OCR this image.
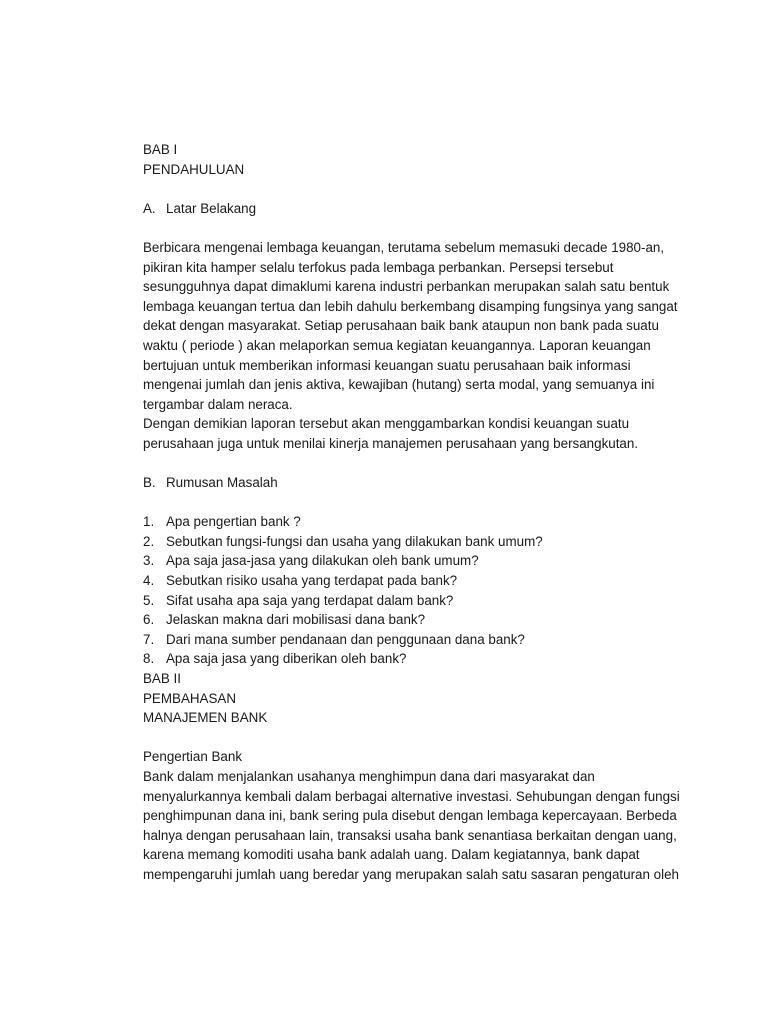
BAB I
PENDAHULUAN
A. Latar Belakang
Berbicara mengenai lembaga keuangan, terutama sebelum memasuki decade 1980-an,
pikiran kita hamper selalu terfokus pada lembaga perbankan. Persepsi tersebut
sesungguhnya dapat dimaklumi karena industri perbankan merupakan salah satu bentuk
lembaga keuangan tertua dan lebih dahulu berkembang disamping fungsinya yang sangat
dekat dengan masyarakat. Setiap perusahaan baik bank ataupun non bank pada suatu
waktu ( periode ) akan melaporkan semua kegiatan keuangannya. Laporan keuangan
bertujuan untuk memberikan informasi keuangan suatu perusahaan baik informasi
mengenai jumlah dan jenis aktiva, kewajiban (hutang) serta modal, yang semuanya ini
tergambar dalam neraca.
Dengan demikian laporan tersebut akan menggambarkan kondisi keuangan suatu
perusahaan juga untuk menilai kinerja manajemen perusahaan yang bersangkutan.
B. Rumusan Masalah
1. Apa pengertian bank ?
2. Sebutkan fungsi-fungsi dan usaha yang dilakukan bank umum?
3. Apa saja jasa-jasa yang dilakukan oleh bank umum?
4. Sebutkan risiko usaha yang terdapat pada bank?
5. Sifat usaha apa saja yang terdapat dalam bank?
6. Jelaskan makna dari mobilisasi dana bank?
7. Dari mana sumber pendanaan dan penggunaan dana bank?
8. Apa saja jasa yang diberikan oleh bank?
BAB II
PEMBAHASAN
MANAJEMEN BANK
Pengertian Bank
Bank dalam menjalankan usahanya menghimpun dana dari masyarakat dan
menyalurkannya kembali dalam berbagai alternative investasi. Sehubungan dengan fungsi
penghimpunan dana ini, bank sering pula disebut dengan lembaga kepercayaan. Berbeda
halnya dengan perusahaan lain, transaksi usaha bank senantiasa berkaitan dengan uang,
karena memang komoditi usaha bank adalah uang. Dalam kegiatannya, bank dapat
mempengaruhi jumlah uang beredar yang merupakan salah satu sasaran pengaturan oleh
